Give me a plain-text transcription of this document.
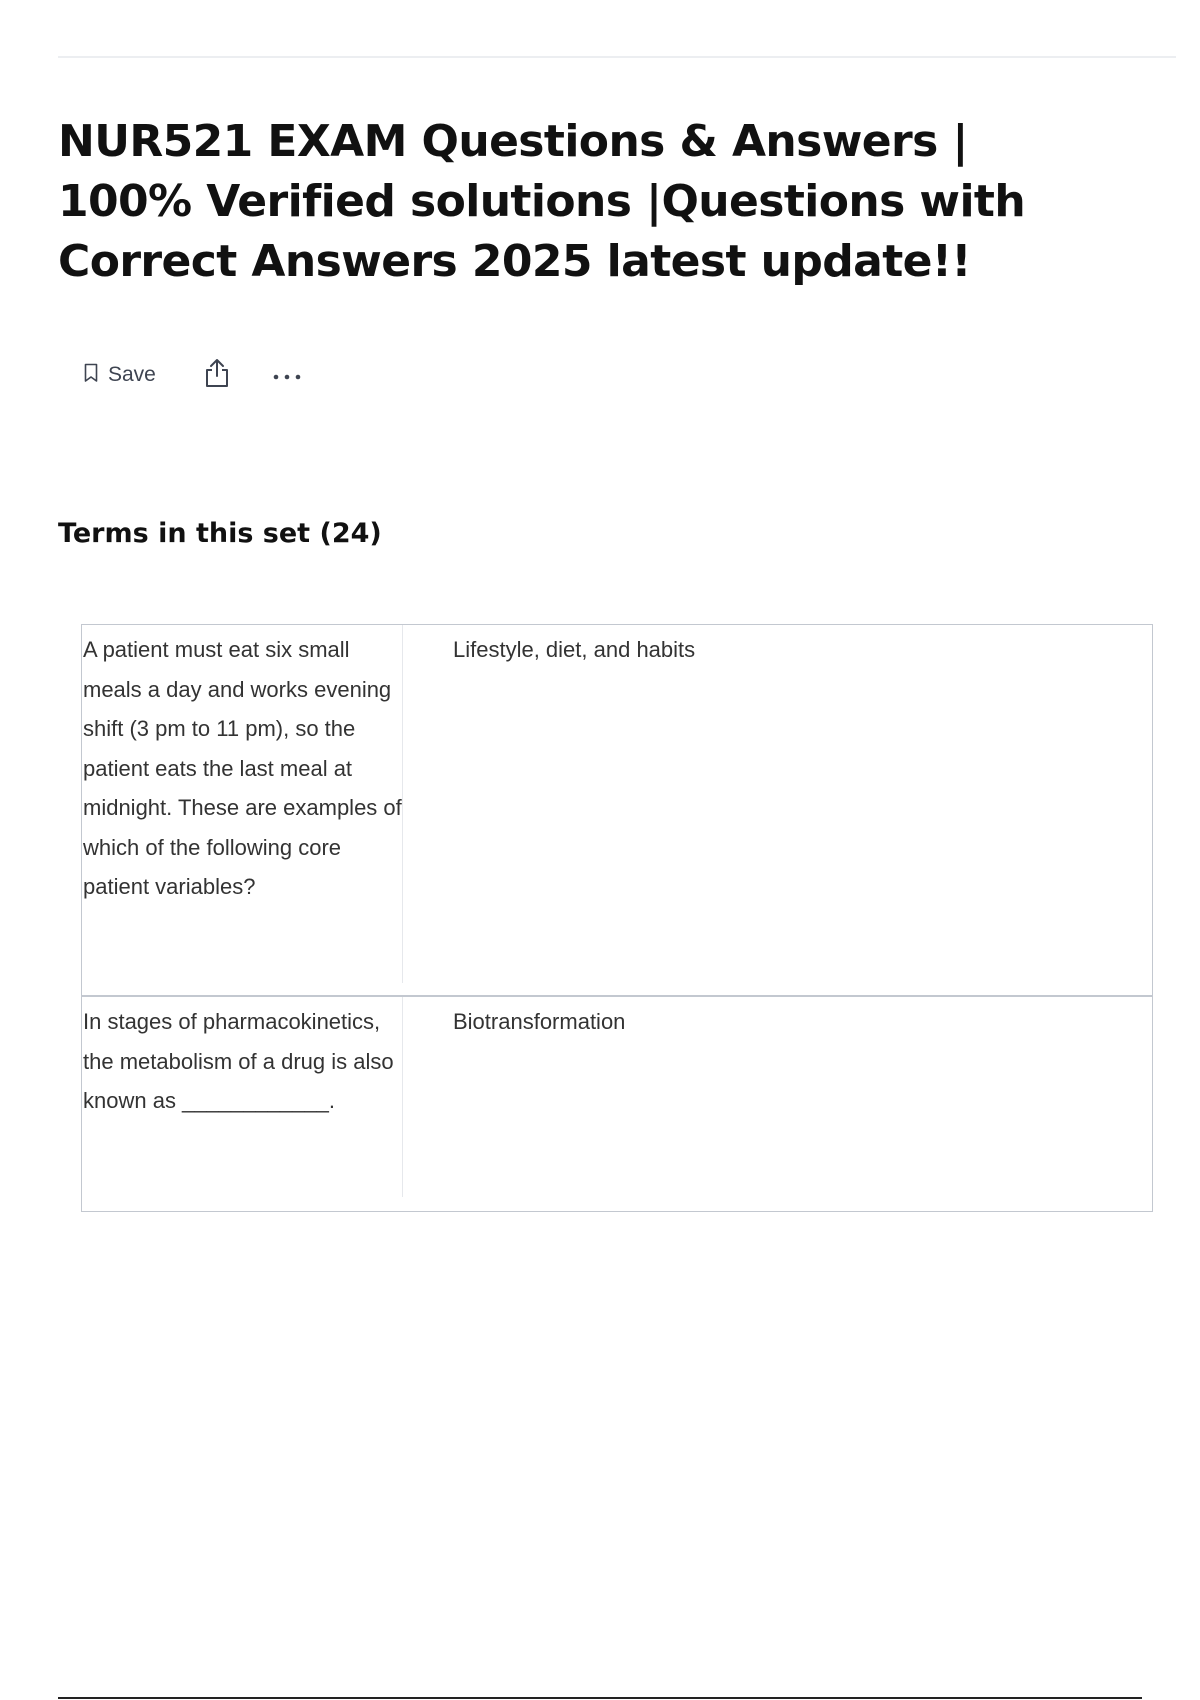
NUR521 EXAM Questions & Answers | 100% Verified solutions |Questions with Correct Answers 2025 latest update!!
Save
Terms in this set (24)
A patient must eat six small meals a day and works evening shift (3 pm to 11 pm), so the patient eats the last meal at midnight. These are examples of which of the following core patient variables?
Lifestyle, diet, and habits
In stages of pharmacokinetics, the metabolism of a drug is also known as ____________.
Biotransformation
